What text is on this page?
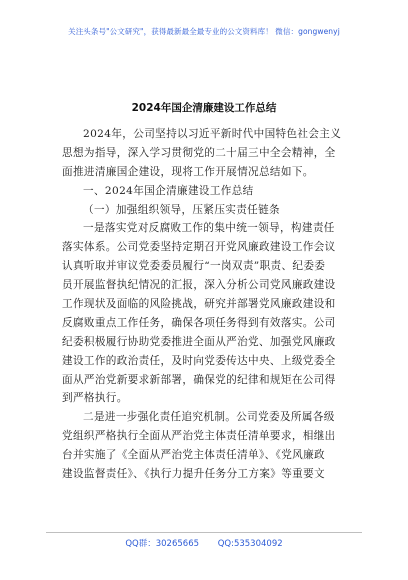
关注头条号"公文研究"，获得最新最全最专业的公文资料库！ 微信：gongwenyj
2024年国企清廉建设工作总结
2024年，公司坚持以习近平新时代中国特色社会主义
思想为指导，深入学习贯彻党的二十届三中全会精神，全
面推进清廉国企建设，现将工作开展情况总结如下。
一、2024年国企清廉建设工作总结
（一）加强组织领导，压紧压实责任链条
一是落实党对反腐败工作的集中统一领导，构建责任
落实体系。公司党委坚持定期召开党风廉政建设工作会议
认真听取并审议党委委员履行“一岗双责”职责、纪委委
员开展监督执纪情况的汇报，深入分析公司党风廉政建设
工作现状及面临的风险挑战，研究并部署党风廉政建设和
反腐败重点工作任务，确保各项任务得到有效落实。公司
纪委积极履行协助党委推进全面从严治党、加强党风廉政
建设工作的政治责任，及时向党委传达中央、上级党委全
面从严治党新要求新部署，确保党的纪律和规矩在公司得
到严格执行。
二是进一步强化责任追究机制。公司党委及所属各级
党组织严格执行全面从严治党主体责任清单要求，相继出
台并实施了《全面从严治党主体责任清单》、《党风廉政
建设监督责任》、《执行力提升任务分工方案》等重要文
QQ群：30265665 QQ:535304092
